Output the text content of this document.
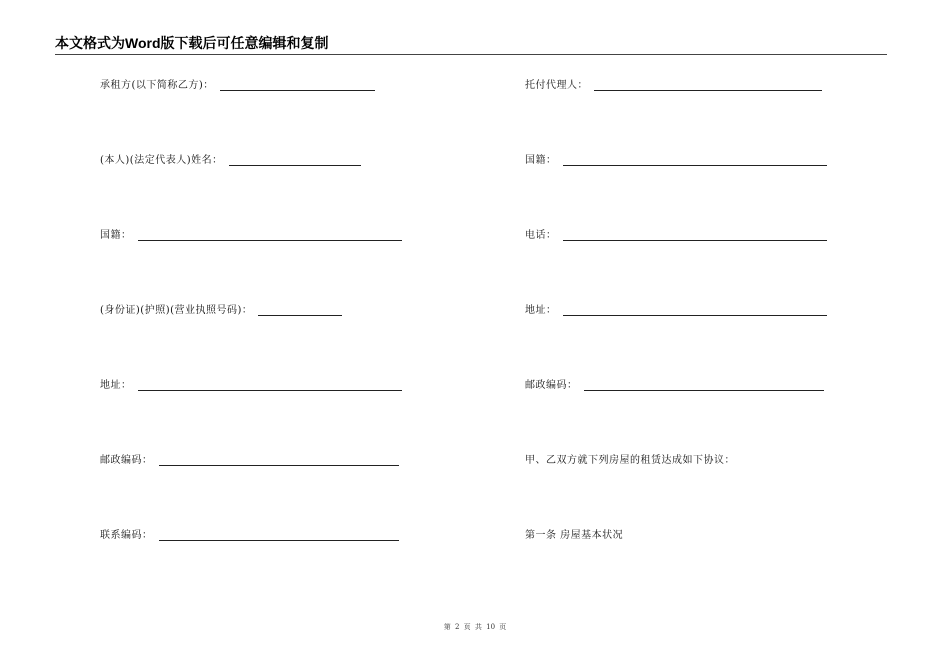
本文格式为Word版下载后可任意编辑和复制
承租方(以下简称乙方)：
(本人)(法定代表人)姓名：
国籍：
(身份证)(护照)(营业执照号码)：
地址：
邮政编码：
联系编码：
托付代理人：
国籍：
电话：
地址：
邮政编码：
甲、乙双方就下列房屋的租赁达成如下协议：
第一条 房屋基本状况
第 2 页 共 10 页
